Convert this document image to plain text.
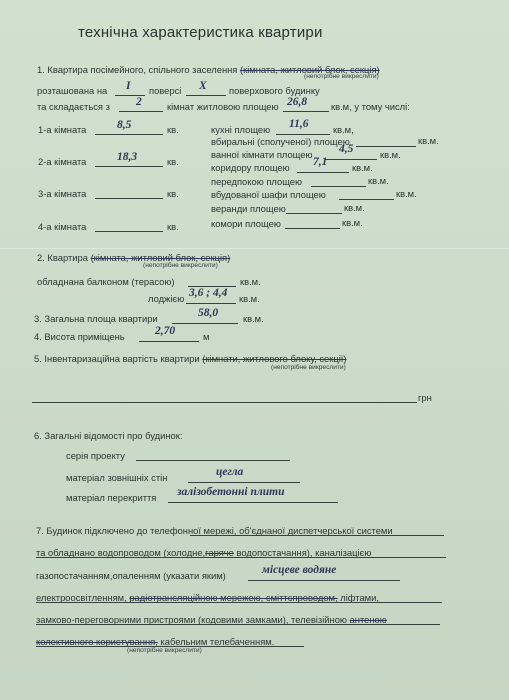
технічна характеристика квартири
1. Квартира посімейного, спільного заселення (кімната, житловий блок, секція)
(непотрібне викреслити)
розташована на I поверсі X поверхового будинку
та складається з 2	кімнат житловою площею 26,8	кв.м, у тому числі:
1-а кімната	8,5	кв.
2-а кімната	18,3	кв.
3-а кімната	кв.
4-а кімната	кв.
кухні площею 11,6	кв.м,
вбиральні (сполученої) площею	кв.м.
ванної кімнати площею 4,5	кв.м.
коридору площею 7,1	кв.м.
передпокою площею	кв.м.
вбудованої шафи площею	кв.м.
веранди площею	кв.м.
комори площею	кв.м.
2. Квартира (кімната, житловий блок, секція)
(непотрібне викреслити)
обладнана балконом (терасою)	кв.м.
лоджією 3,6 ; 4,4 кв.м.
3. Загальна площа квартири	58,0	кв.м.
4. Висота приміщень	2,70	м
5. Інвентаризаційна вартість квартири (кімнати, житлового блоку, секції)
(непотрібне викреслити)
грн
6. Загальні відомості про будинок:
серія проекту
матеріал зовнішніх стін	цегла
матеріал перекриття залізобетонні плити
7. Будинок підключено до телефонної мережі, об'єднаної диспетчерської системи
та обладнано водопроводом (холодне,гаряче водопостачання), каналізацією
газопостачанням,опаленням (указати яким)	місцеве водяне
електроосвітленням, радіотрансляційною мережею, сміттєпроводом, ліфтами,
замково-переговорними пристроями (кодовими замками), телевізійною антеною
колективного користування, кабельним телебаченням.
(непотрібне викреслити)
